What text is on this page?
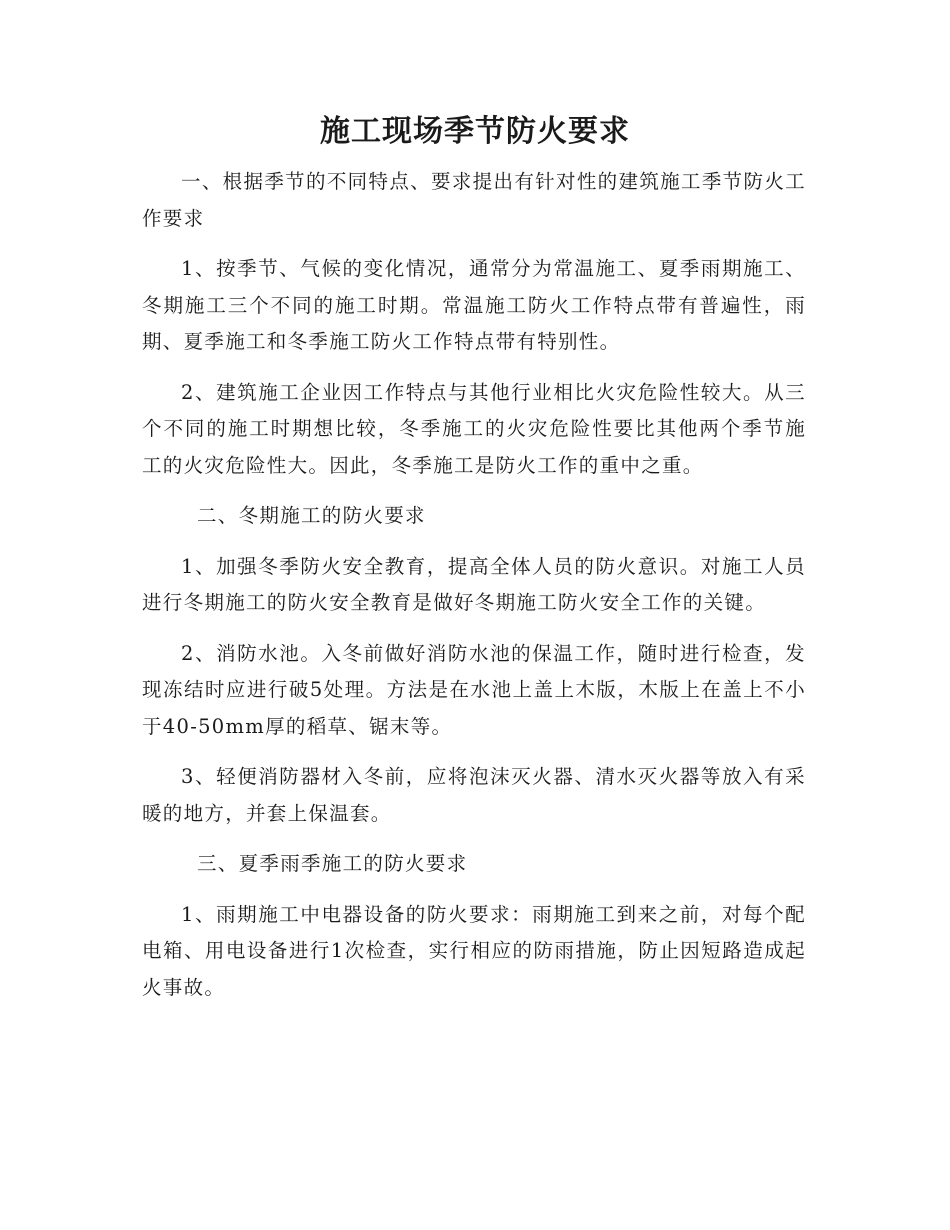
施工现场季节防火要求

一、根据季节的不同特点、要求提出有针对性的建筑施工季节防火工作要求

1、按季节、气候的变化情况，通常分为常温施工、夏季雨期施工、冬期施工三个不同的施工时期。常温施工防火工作特点带有普遍性，雨期、夏季施工和冬季施工防火工作特点带有特别性。

2、建筑施工企业因工作特点与其他行业相比火灾危险性较大。从三个不同的施工时期想比较，冬季施工的火灾危险性要比其他两个季节施工的火灾危险性大。因此，冬季施工是防火工作的重中之重。

二、冬期施工的防火要求

1、加强冬季防火安全教育，提高全体人员的防火意识。对施工人员进行冬期施工的防火安全教育是做好冬期施工防火安全工作的关键。

2、消防水池。入冬前做好消防水池的保温工作，随时进行检查，发现冻结时应进行破5处理。方法是在水池上盖上木版，木版上在盖上不小于40-50mm厚的稻草、锯末等。

3、轻便消防器材入冬前，应将泡沫灭火器、清水灭火器等放入有采暖的地方，并套上保温套。

三、夏季雨季施工的防火要求

1、雨期施工中电器设备的防火要求：雨期施工到来之前，对每个配电箱、用电设备进行1次检查，实行相应的防雨措施，防止因短路造成起火事故。
